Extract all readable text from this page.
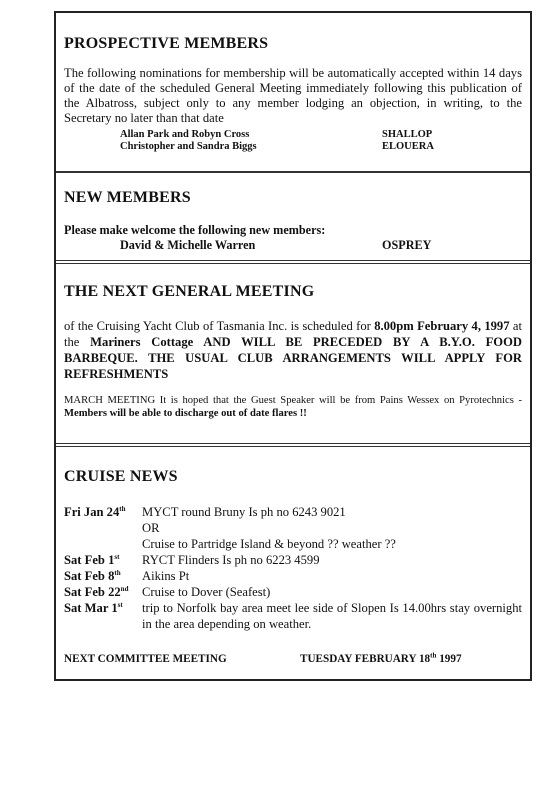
PROSPECTIVE MEMBERS

The following nominations for membership will be automatically accepted within 14 days of the date of the scheduled General Meeting immediately following this publication of the Albatross, subject only to any member lodging an objection, in writing, to the Secretary no later than that date

Allan Park and Robyn Cross	SHALLOP
Christopher and Sandra Biggs	ELOUERA
NEW MEMBERS

Please make welcome the following new members:

David & Michelle Warren	OSPREY
THE NEXT GENERAL MEETING

of the Cruising Yacht Club of Tasmania Inc. is scheduled for 8.00pm February 4, 1997 at the Mariners Cottage AND WILL BE PRECEDED BY A B.Y.O. FOOD BARBEQUE. THE USUAL CLUB ARRANGEMENTS WILL APPLY FOR REFRESHMENTS

MARCH MEETING It is hoped that the Guest Speaker will be from Pains Wessex on Pyrotechnics - Members will be able to discharge out of date flares !!

CRUISE NEWS
Fri Jan 24th	MYCT round Bruny Is ph no 6243 9021
OR
Cruise to Partridge Island & beyond ?? weather ??
Sat Feb 1st	RYCT Flinders Is ph no 6223 4599
Sat Feb 8th	Aikins Pt
Sat Feb 22nd	Cruise to Dover (Seafest)
Sat Mar 1st	trip to Norfolk bay area meet lee side of Slopen Is 14.00hrs stay overnight in the area depending on weather.
NEXT COMMITTEE MEETING	TUESDAY FEBRUARY 18th 1997
